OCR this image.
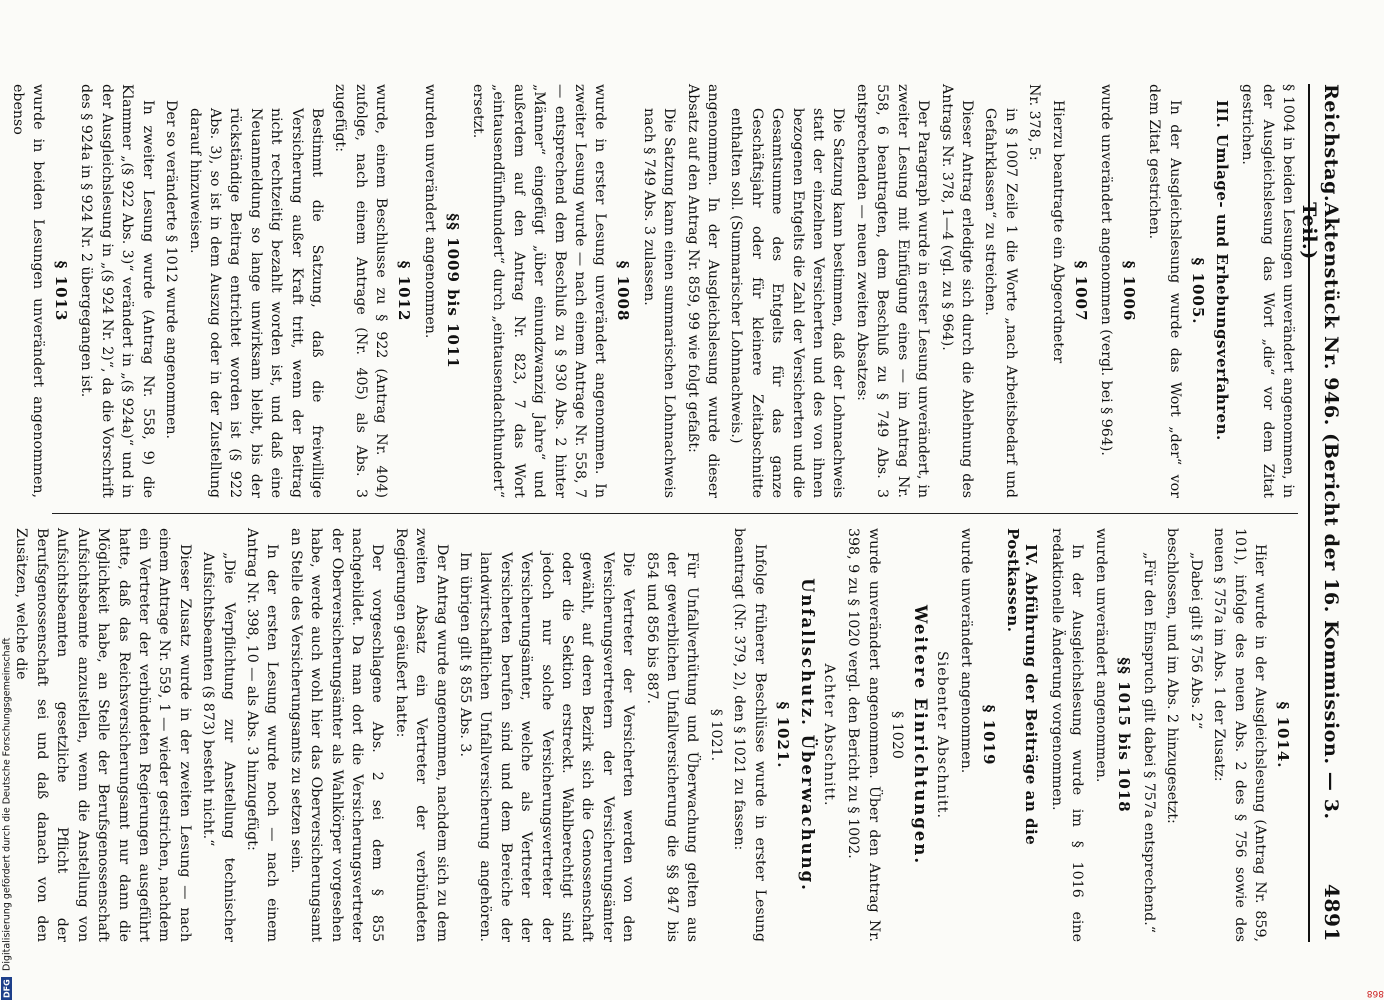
868
Reichstag.
Aktenstück Nr. 946. (Bericht der 16. Kommission. — 3. Teil.)
4891

§ 1004 in beiden Lesungen unverändert angenommen, in der Ausgleichslesung das Wort „die“ vor dem Zitat gestrichen.

III. Umlage- und Erhebungsverfahren.
§ 1005.

In der Ausgleichslesung wurde das Wort „der“ vor dem Zitat gestrichen.

§ 1006

wurde unverändert angenommen (vergl. bei § 964).

§ 1007

Hierzu beantragte ein Abgeordneter

Nr. 378, 5:

in § 1007 Zeile 1 die Worte „nach Arbeitsbedarf und Gefahrklassen“ zu streichen.

Dieser Antrag erledigte sich durch die Ablehnung des Antrags Nr. 378, 1—4 (vgl. zu § 964).

Der Paragraph wurde in erster Lesung unverändert, in zweiter Lesung mit Einfügung eines — im Antrag Nr. 558, 6 beantragten, dem Beschluß zu § 749 Abs. 3 entsprechenden — neuen zweiten Absatzes:

Die Satzung kann bestimmen, daß der Lohnnachweis statt der einzelnen Versicherten und des von ihnen bezogenen Entgelts die Zahl der Versicherten und die Gesamtsumme des Entgelts für das ganze Geschäftsjahr oder für kleinere Zeitabschnitte enthalten soll. (Summarischer Lohnnachweis.)

angenommen. In der Ausgleichslesung wurde dieser Absatz auf den Antrag Nr. 859, 99 wie folgt gefaßt:

Die Satzung kann einen summarischen Lohnnachweis nach § 749 Abs. 3 zulassen.

§ 1008

wurde in erster Lesung unverändert angenommen. In zweiter Lesung wurde — nach einem Antrage Nr. 558, 7 — entsprechend dem Beschluß zu § 930 Abs. 2 hinter „Männer“ eingefügt „über einundzwanzig Jahre“ und außerdem auf den Antrag Nr. 823, 7 das Wort „eintausendfünfhundert“ durch „eintausendachthundert“ ersetzt.

§§ 1009 bis 1011

wurden unverändert angenommen.

§ 1012

wurde, einem Beschlusse zu § 922 (Antrag Nr. 404) zufolge, nach einem Antrage (Nr. 405) als Abs. 3 zugefügt:

Bestimmt die Satzung, daß die freiwillige Versicherung außer Kraft tritt, wenn der Beitrag nicht rechtzeitig bezahlt worden ist, und daß eine Neuanmeldung so lange unwirksam bleibt, bis der rückständige Beitrag entrichtet worden ist (§ 922 Abs. 3), so ist in dem Auszug oder in der Zustellung darauf hinzuweisen.

Der so veränderte § 1012 wurde angenommen.

In zweiter Lesung wurde (Antrag Nr. 558, 9) die Klammer „(§ 922 Abs. 3)“ verändert in „(§ 924a)“ und in der Ausgleichslesung in „(§ 924 Nr. 2)“, da die Vorschrift des § 924a in § 924 Nr. 2 übergegangen ist.

§ 1013

wurde in beiden Lesungen unverändert angenommen, ebenso

§ 1014.

Hier wurde in der Ausgleichslesung (Antrag Nr. 859, 101), infolge des neuen Abs. 2 des § 756 sowie des neuen § 757a im Abs. 1 der Zusatz:

„Dabei gilt § 756 Abs. 2“

beschlossen, und im Abs. 2 hinzugesetzt:

„Für den Einspruch gilt dabei § 757a entsprechend.“

§§ 1015 bis 1018

wurden unverändert angenommen.

In der Ausgleichslesung wurde im § 1016 eine redaktionelle Änderung vorgenommen.

IV. Abführung der Beiträge an die Postkassen.
§ 1019

wurde unverändert angenommen.

Siebenter Abschnitt.
Weitere Einrichtungen.

§ 1020

wurde unverändert angenommen. Über den Antrag Nr. 398, 9 zu § 1020 vergl. den Bericht zu § 1002.

Achter Abschnitt.
Unfallschutz. Überwachung.
§ 1021.

Infolge früherer Beschlüsse wurde in erster Lesung beantragt (Nr. 379, 2), den § 1021 zu fassen:

§ 1021.

Für Unfallverhütung und Überwachung gelten aus der gewerblichen Unfallversicherung die §§ 847 bis 854 und 856 bis 887.

Die Vertreter der Versicherten werden von den Versicherungsvertretern der Versicherungsämter gewählt, auf deren Bezirk sich die Genossenschaft oder die Sektion erstreckt. Wahlberechtigt sind jedoch nur solche Versicherungsvertreter der Versicherungsämter, welche als Vertreter der Versicherten berufen sind und dem Bereiche der landwirtschaftlichen Unfallversicherung angehören. Im übrigen gilt § 855 Abs. 3.

Der Antrag wurde angenommen, nachdem sich zu dem zweiten Absatz ein Vertreter der verbündeten Regierungen geäußert hatte:

Der vorgeschlagene Abs. 2 sei dem § 855 nachgebildet. Da man dort die Versicherungsvertreter der Oberversicherungsämter als Wahlkörper vorgesehen habe, werde auch wohl hier das Oberversicherungsamt an Stelle des Versicherungsamts zu setzen sein.

In der ersten Lesung wurde noch — nach einem Antrag Nr. 398, 10 — als Abs. 3 hinzugefügt:

„Die Verpflichtung zur Anstellung technischer Aufsichtsbeamten (§ 873) besteht nicht.“

Dieser Zusatz wurde in der zweiten Lesung — nach einem Antrage Nr. 559, 1 — wieder gestrichen, nachdem ein Vertreter der verbündeten Regierungen ausgeführt hatte, daß das Reichsversicherungsamt nur dann die Möglichkeit habe, an Stelle der Berufsgenossenschaft Aufsichtsbeamte anzustellen, wenn die Anstellung von Aufsichtsbeamten gesetzliche Pflicht der Berufsgenossenschaft sei und daß danach von den Zusätzen, welche die

DFG
Digitalisierung gefördert durch die Deutsche Forschungsgemeinschaft
